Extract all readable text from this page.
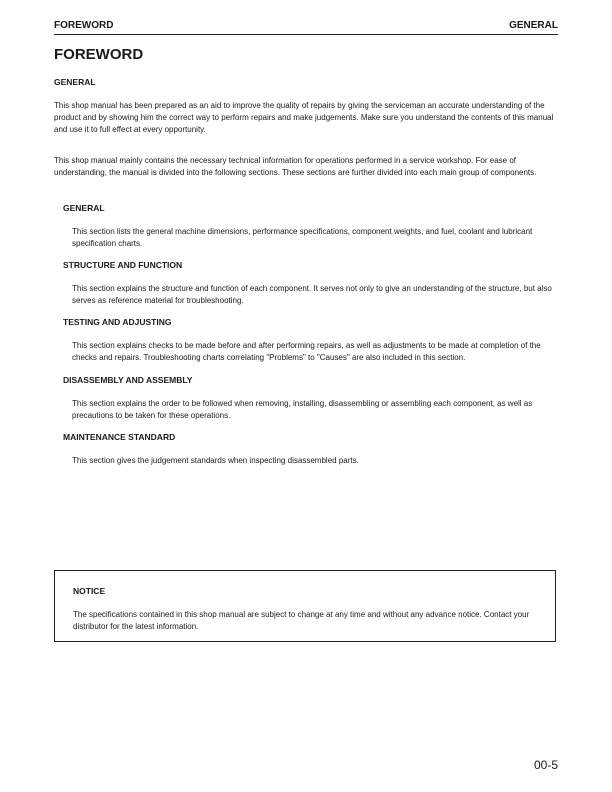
FOREWORD	GENERAL
FOREWORD
GENERAL

This shop manual has been prepared as an aid to improve the quality of repairs by giving the serviceman an accurate understanding of the product and by showing him the correct way to perform repairs and make judgements. Make sure you understand the contents of this manual and use it to full effect at every opportunity.

This shop manual mainly contains the necessary technical information for operations performed in a service workshop. For ease of understanding, the manual is divided into the following sections. These sections are further divided into each main group of components.

GENERAL

This section lists the general machine dimensions, performance specifications, component weights, and fuel, coolant and lubricant specification charts.

STRUCTURE AND FUNCTION

This section explains the structure and function of each component. It serves not only to give an understanding of the structure, but also serves as reference material for troubleshooting.

TESTING AND ADJUSTING

This section explains checks to be made before and after performing repairs, as well as adjustments to be made at completion of the checks and repairs. Troubleshooting charts correlating "Problems" to "Causes" are also included in this section.

DISASSEMBLY AND ASSEMBLY

This section explains the order to be followed when removing, installing, disassembling or assembling each component, as well as precautions to be taken for these operations.

MAINTENANCE STANDARD

This section gives the judgement standards when inspecting disassembled parts.

NOTICE

The specifications contained in this shop manual are subject to change at any time and without any advance notice. Contact your distributor for the latest information.

00-5
